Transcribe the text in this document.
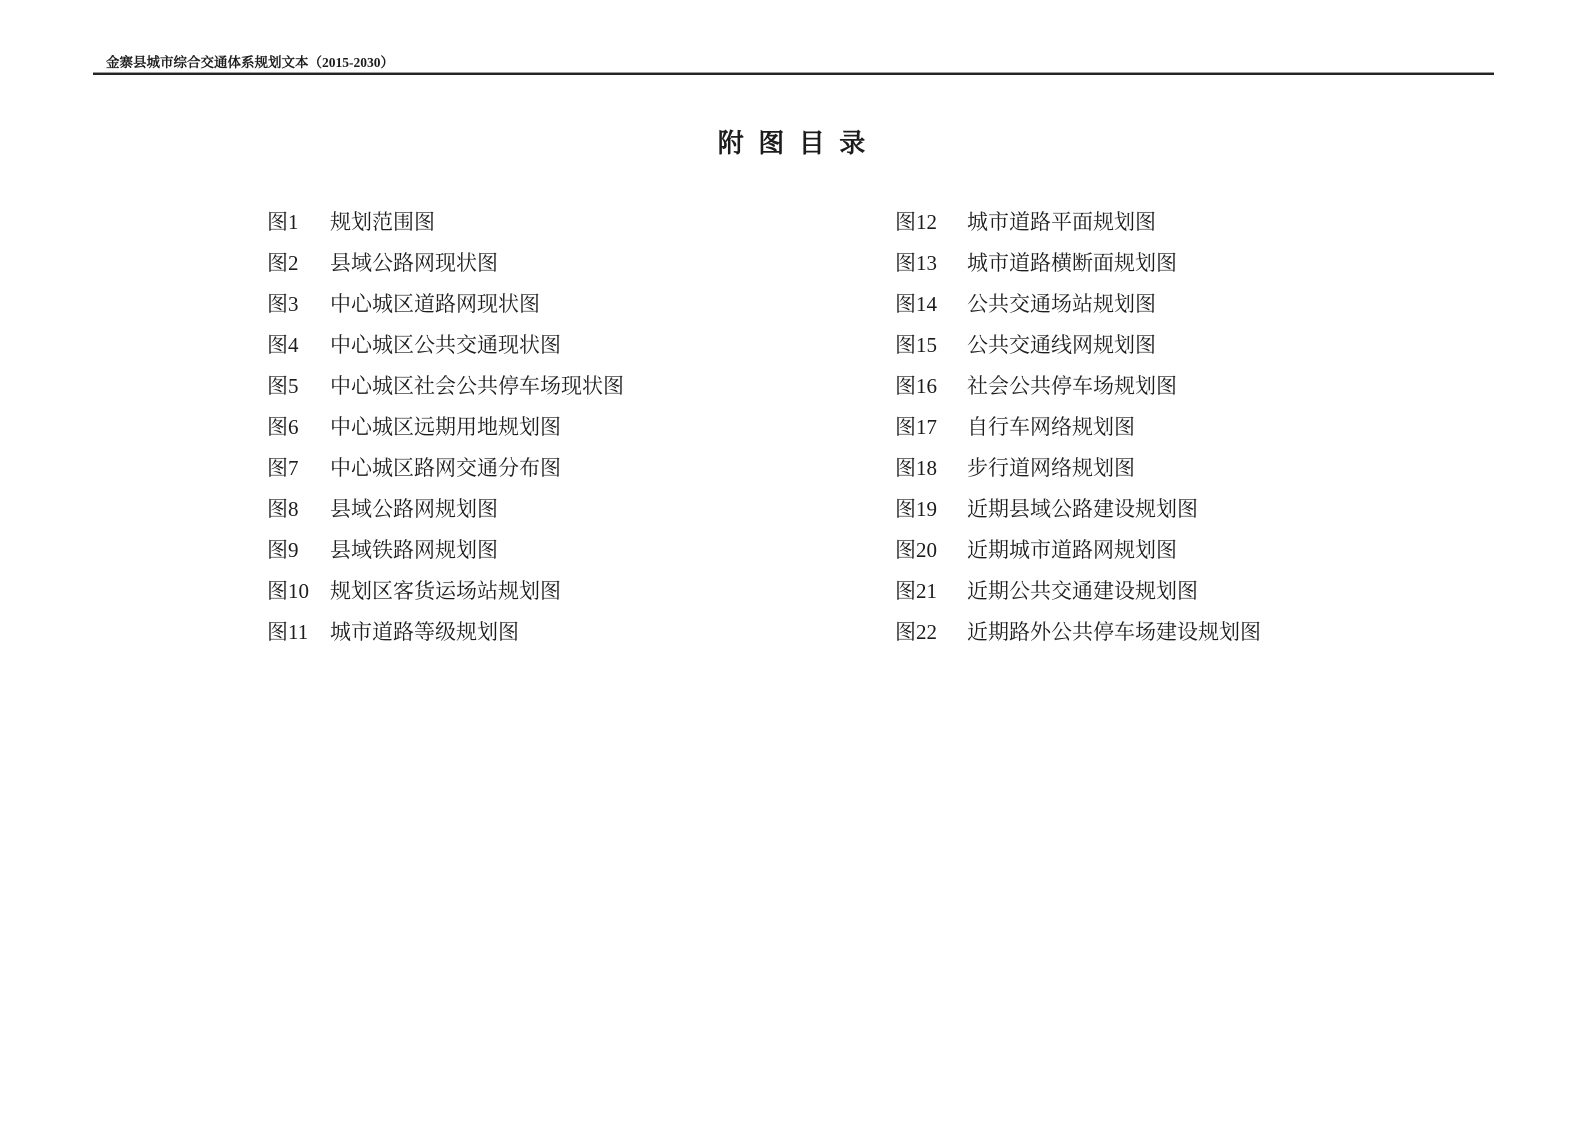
金寨县城市综合交通体系规划文本（2015-2030）
附 图 目 录
图1	规划范围图
图2	县域公路网现状图
图3	中心城区道路网现状图
图4	中心城区公共交通现状图
图5	中心城区社会公共停车场现状图
图6	中心城区远期用地规划图
图7	中心城区路网交通分布图
图8	县域公路网规划图
图9	县域铁路网规划图
图10	规划区客货运场站规划图
图11	城市道路等级规划图
图12	城市道路平面规划图
图13	城市道路横断面规划图
图14	公共交通场站规划图
图15	公共交通线网规划图
图16	社会公共停车场规划图
图17	自行车网络规划图
图18	步行道网络规划图
图19	近期县域公路建设规划图
图20	近期城市道路网规划图
图21	近期公共交通建设规划图
图22	近期路外公共停车场建设规划图
